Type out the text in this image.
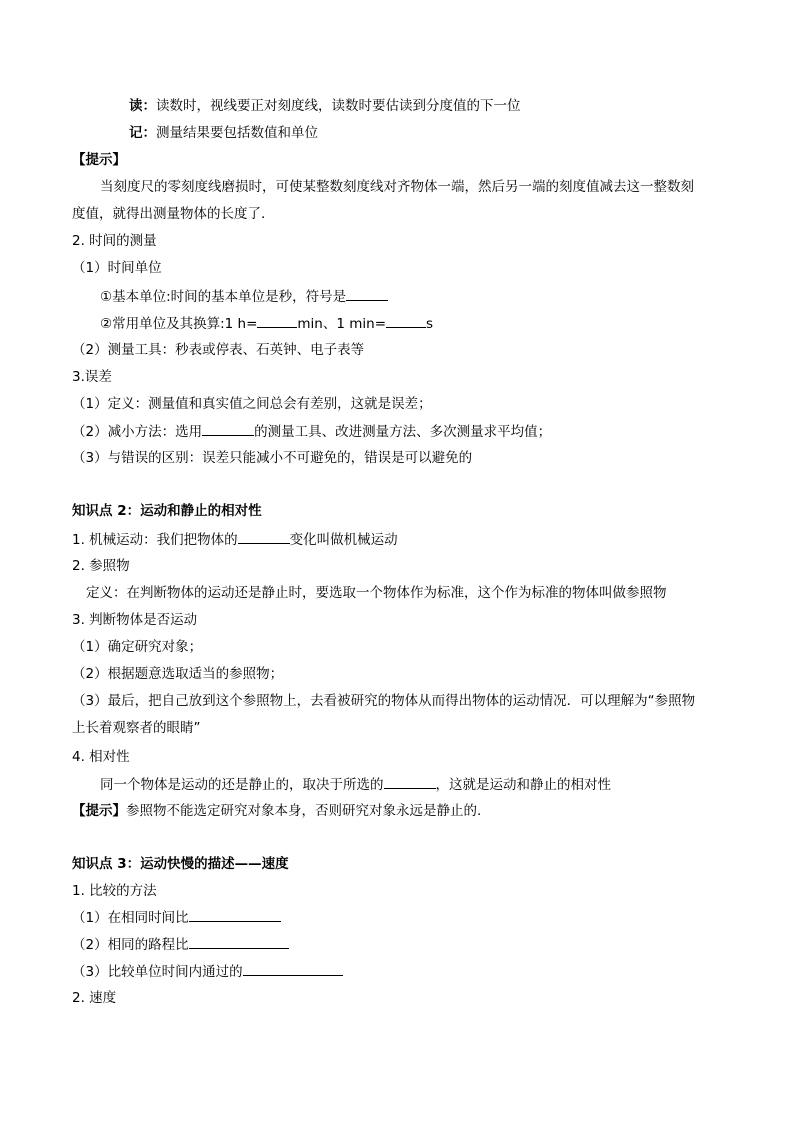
读：读数时，视线要正对刻度线，读数时要估读到分度值的下一位
记：测量结果要包括数值和单位
【提示】
当刻度尺的零刻度线磨损时，可使某整数刻度线对齐物体一端，然后另一端的刻度值减去这一整数刻
度值，就得出测量物体的长度了.
2. 时间的测量
（1）时间单位
①基本单位:时间的基本单位是秒，符号是
②常用单位及其换算:1 h=	min、1 min=	s
（2）测量工具：秒表或停表、石英钟、电子表等
3.误差
（1）定义：测量值和真实值之间总会有差别，这就是误差；
（2）减小方法：选用	的测量工具、改进测量方法、多次测量求平均值；
（3）与错误的区别：误差只能减小不可避免的，错误是可以避免的
知识点 2：运动和静止的相对性
1. 机械运动：我们把物体的	变化叫做机械运动
2. 参照物
定义：在判断物体的运动还是静止时，要选取一个物体作为标准，这个作为标准的物体叫做参照物
3. 判断物体是否运动
（1）确定研究对象；
（2）根据题意选取适当的参照物；
（3）最后，把自己放到这个参照物上，去看被研究的物体从而得出物体的运动情况．可以理解为“参照物
上长着观察者的眼睛”
4. 相对性
同一个物体是运动的还是静止的，取决于所选的	，这就是运动和静止的相对性
【提示】参照物不能选定研究对象本身，否则研究对象永远是静止的.
知识点 3：运动快慢的描述——速度
1. 比较的方法
（1）在相同时间比
（2）相同的路程比
（3）比较单位时间内通过的
2. 速度
